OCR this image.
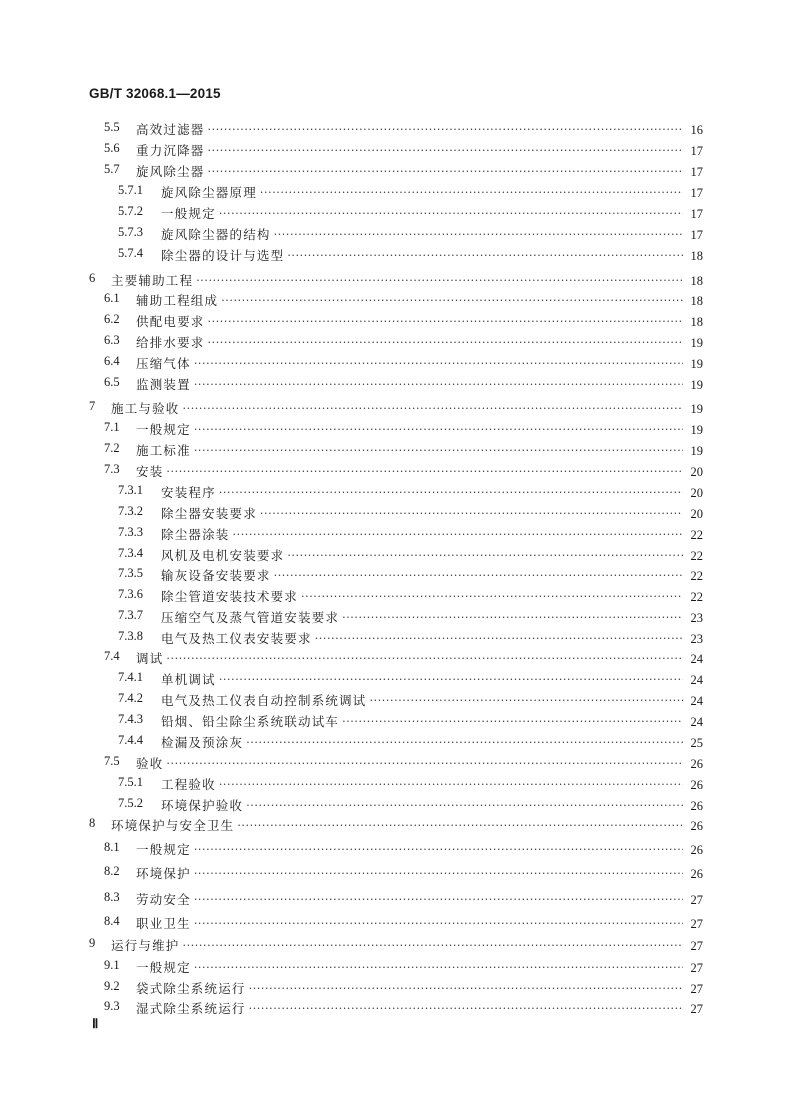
GB/T 32068.1—2015
5.5 高效过滤器 ·····	16
5.6 重力沉降器 ·····	17
5.7 旋风除尘器 ·····	17
5.7.1 旋风除尘器原理 ·····	17
5.7.2 一般规定 ·····	17
5.7.3 旋风除尘器的结构 ·····	17
5.7.4 除尘器的设计与选型 ·····	18
6 主要辅助工程 ·····	18
6.1 辅助工程组成 ·····	18
6.2 供配电要求 ·····	18
6.3 给排水要求 ·····	19
6.4 压缩气体 ·····	19
6.5 监测装置 ·····	19
7 施工与验收 ·····	19
7.1 一般规定 ·····	19
7.2 施工标准 ·····	19
7.3 安装 ·····	20
7.3.1 安装程序 ·····	20
7.3.2 除尘器安装要求 ·····	20
7.3.3 除尘器涂装 ·····	22
7.3.4 风机及电机安装要求 ·····	22
7.3.5 输灰设备安装要求 ·····	22
7.3.6 除尘管道安装技术要求 ·····	22
7.3.7 压缩空气及蒸气管道安装要求 ·····	23
7.3.8 电气及热工仪表安装要求 ·····	23
7.4 调试 ·····	24
7.4.1 单机调试 ·····	24
7.4.2 电气及热工仪表自动控制系统调试 ·····	24
7.4.3 铅烟、铅尘除尘系统联动试车 ·····	24
7.4.4 检漏及预涂灰 ·····	25
7.5 验收 ·····	26
7.5.1 工程验收 ·····	26
7.5.2 环境保护验收 ·····	26
8 环境保护与安全卫生 ·····	26
8.1 一般规定 ·····	26
8.2 环境保护 ·····	26
8.3 劳动安全 ·····	27
8.4 职业卫生 ·····	27
9 运行与维护 ·····	27
9.1 一般规定 ·····	27
9.2 袋式除尘系统运行 ·····	27
9.3 湿式除尘系统运行 ·····	27
Ⅱ
